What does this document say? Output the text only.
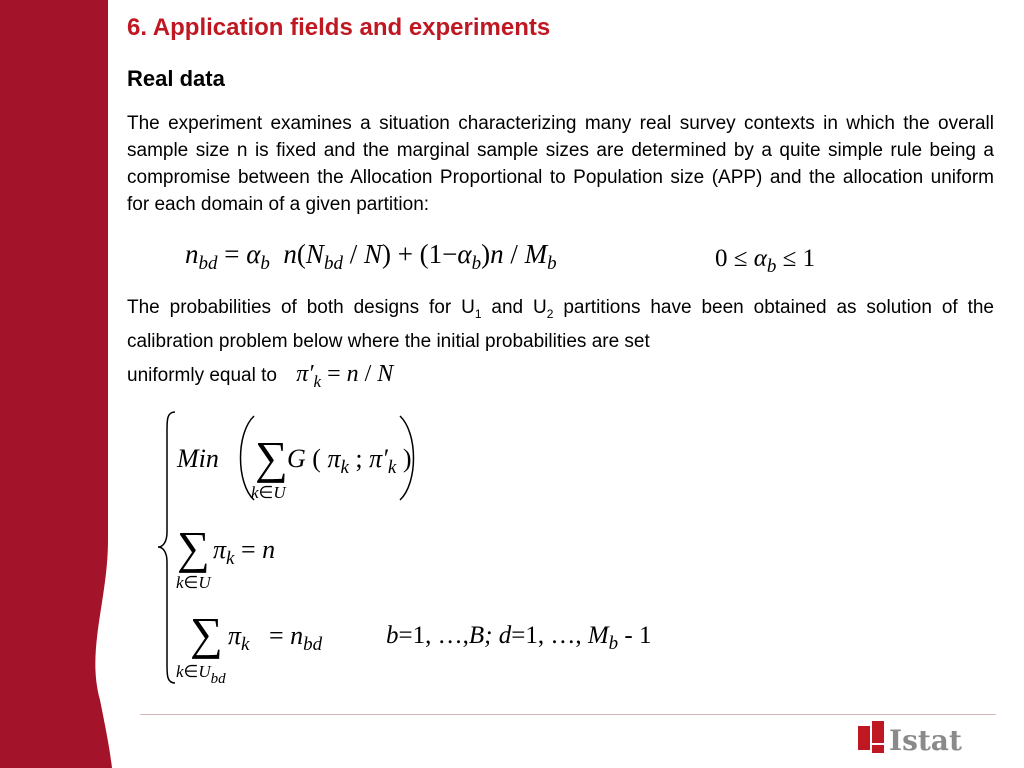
6. Application fields and experiments
Real data

The experiment examines a situation characterizing many real survey contexts in which the overall sample size n is fixed and the marginal sample sizes are determined by a quite simple rule being a compromise between the Allocation Proportional to Population size (APP) and the allocation uniform for each domain of a given partition:

$n_{bd} = \alpha_b$ $n(N_{bd} / N) + (1-\alpha_b)n / M_b$	$0 \le \alpha_b \le 1$

The probabilities of both designs for $U_1$ and $U_2$ partitions have been obtained as solution of the calibration problem below where the initial probabilities are set

uniformly equal to $\pi'_k = n / N$
Min ∑ G ( $\pi_k$ ; $\pi'_k$ )
k∈U
∑ $\pi_k = n$
k∈U
∑ $\pi_k = n_{bd}$
$k\in U_{bd}$
b=1, …,B; d=1, …, $M_b - 1$
Istat
